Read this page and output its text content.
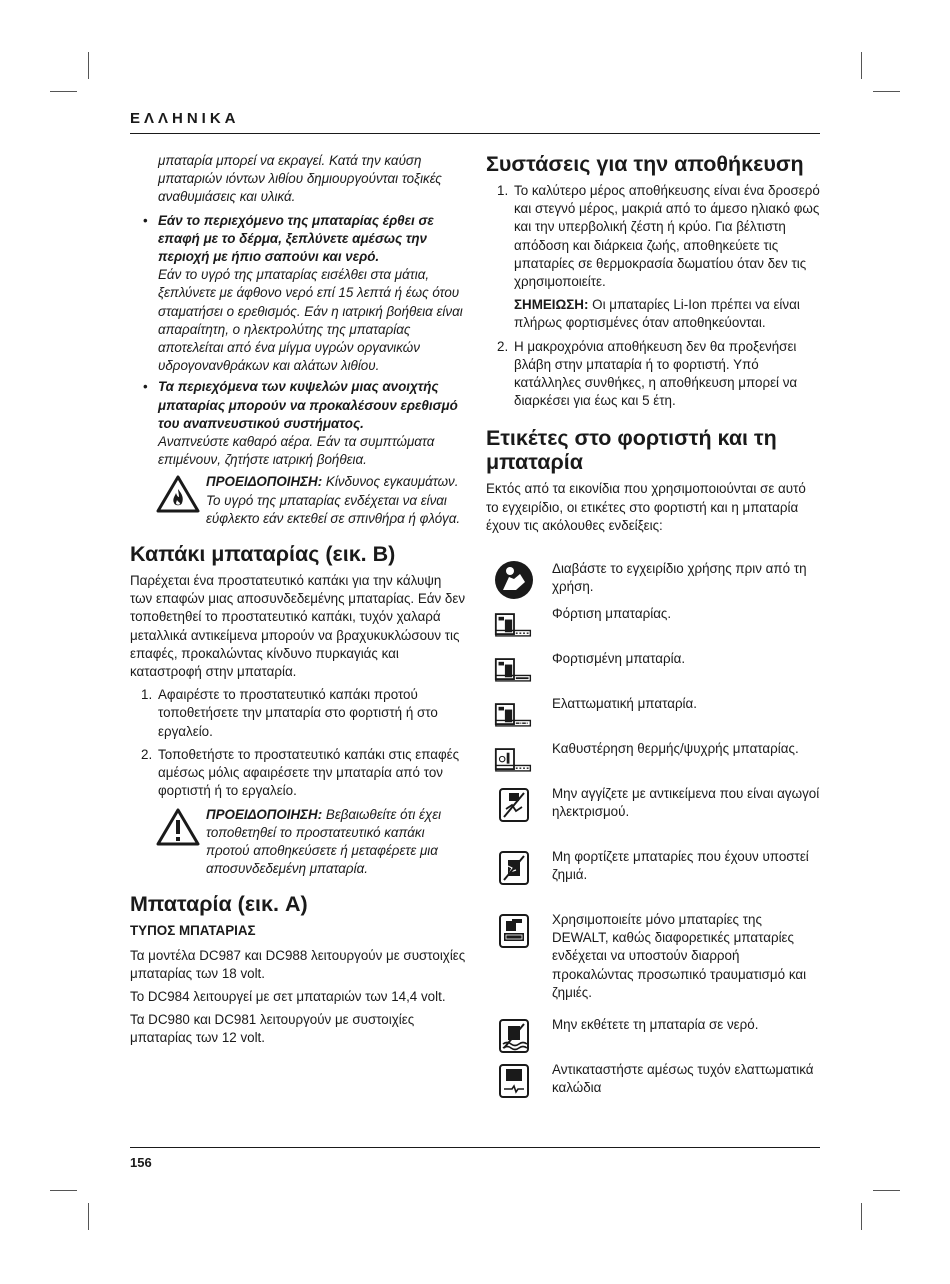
ΕΛΛΗΝΙΚΑ

μπαταρία μπορεί να εκραγεί. Κατά την καύση μπαταριών ιόντων λιθίου δημιουργούνται τοξικές αναθυμιάσεις και υλικά.

• Εάν το περιεχόμενο της μπαταρίας έρθει σε επαφή με το δέρμα, ξεπλύνετε αμέσως την περιοχή με ήπιο σαπούνι και νερό.
Εάν το υγρό της μπαταρίας εισέλθει στα μάτια, ξεπλύνετε με άφθονο νερό επί 15 λεπτά ή έως ότου σταματήσει ο ερεθισμός. Εάν η ιατρική βοήθεια είναι απαραίτητη, ο ηλεκτρολύτης της μπαταρίας αποτελείται από ένα μίγμα υγρών οργανικών υδρογονανθράκων και αλάτων λιθίου.
• Τα περιεχόμενα των κυψελών μιας ανοιχτής μπαταρίας μπορούν να προκαλέσουν ερεθισμό του αναπνευστικού συστήματος.
Αναπνεύστε καθαρό αέρα. Εάν τα συμπτώματα επιμένουν, ζητήστε ιατρική βοήθεια.
ΠΡΟΕΙΔΟΠΟΙΗΣΗ: Κίνδυνος εγκαυμάτων. Το υγρό της μπαταρίας ενδέχεται να είναι εύφλεκτο εάν εκτεθεί σε σπινθήρα ή φλόγα.
Καπάκι μπαταρίας (εικ. B)

Παρέχεται ένα προστατευτικό καπάκι για την κάλυψη των επαφών μιας αποσυνδεδεμένης μπαταρίας. Εάν δεν τοποθετηθεί το προστατευτικό καπάκι, τυχόν χαλαρά μεταλλικά αντικείμενα μπορούν να βραχυκυκλώσουν τις επαφές, προκαλώντας κίνδυνο πυρκαγιάς και καταστροφή στην μπαταρία.

1. Αφαιρέστε το προστατευτικό καπάκι προτού τοποθετήσετε την μπαταρία στο φορτιστή ή στο εργαλείο.
2. Τοποθετήστε το προστατευτικό καπάκι στις επαφές αμέσως μόλις αφαιρέσετε την μπαταρία από τον φορτιστή ή το εργαλείο.
ΠΡΟΕΙΔΟΠΟΙΗΣΗ: Βεβαιωθείτε ότι έχει τοποθετηθεί το προστατευτικό καπάκι προτού αποθηκεύσετε ή μεταφέρετε μια αποσυνδεδεμένη μπαταρία.
Μπαταρία (εικ. A)
ΤΥΠΟΣ ΜΠΑΤΑΡΙΑΣ

Τα μοντέλα DC987 και DC988 λειτουργούν με συστοιχίες μπαταρίας των 18 volt.

Το DC984 λειτουργεί με σετ μπαταριών των 14,4 volt.

Τα DC980 και DC981 λειτουργούν με συστοιχίες μπαταρίας των 12 volt.

Συστάσεις για την αποθήκευση
1. Το καλύτερο μέρος αποθήκευσης είναι ένα δροσερό και στεγνό μέρος, μακριά από το άμεσο ηλιακό φως και την υπερβολική ζέστη ή κρύο. Για βέλτιστη απόδοση και διάρκεια ζωής, αποθηκεύετε τις μπαταρίες σε θερμοκρασία δωματίου όταν δεν τις χρησιμοποιείτε.

ΣΗΜΕΙΩΣΗ: Οι μπαταρίες Li-Ion πρέπει να είναι πλήρως φορτισμένες όταν αποθηκεύονται.

2. Η μακροχρόνια αποθήκευση δεν θα προξενήσει βλάβη στην μπαταρία ή το φορτιστή. Υπό κατάλληλες συνθήκες, η αποθήκευση μπορεί να διαρκέσει για έως και 5 έτη.
Ετικέτες στο φορτιστή και τη μπαταρία

Εκτός από τα εικονίδια που χρησιμοποιούνται σε αυτό το εγχειρίδιο, οι ετικέτες στο φορτιστή και η μπαταρία έχουν τις ακόλουθες ενδείξεις:

Διαβάστε το εγχειρίδιο χρήσης πριν από τη χρήση.
Φόρτιση μπαταρίας.
Φορτισμένη μπαταρία.
Ελαττωματική μπαταρία.
Καθυστέρηση θερμής/ψυχρής μπαταρίας.
Μην αγγίζετε με αντικείμενα που είναι αγωγοί ηλεκτρισμού.
Μη φορτίζετε μπαταρίες που έχουν υποστεί ζημιά.
Χρησιμοποιείτε μόνο μπαταρίες της DEWALT, καθώς διαφορετικές μπαταρίες ενδέχεται να υποστούν διαρροή προκαλώντας προσωπικό τραυματισμό και ζημιές.
Μην εκθέτετε τη μπαταρία σε νερό.
Αντικαταστήστε αμέσως τυχόν ελαττωματικά καλώδια
156
